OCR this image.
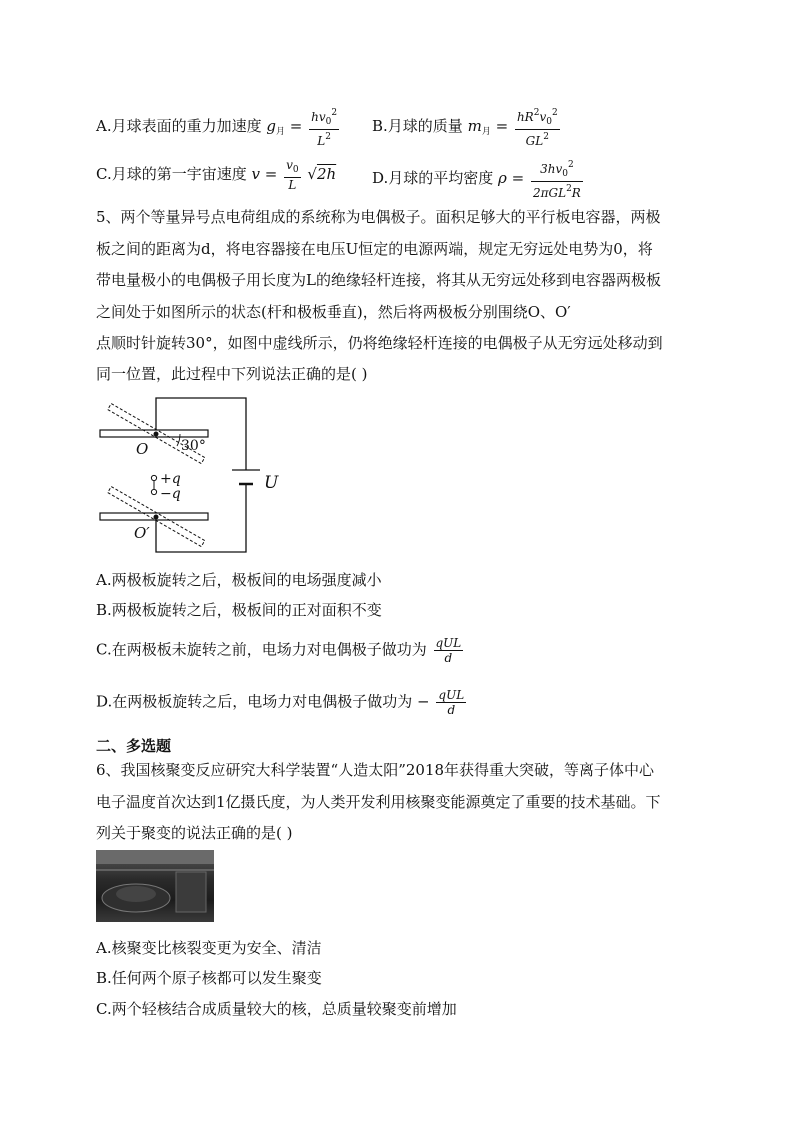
A.月球表面的重力加速度 $g_月 = \frac{hv_0^2}{L^2} B$.月球的质量 $m_月 = \frac{hR^2v_0^2}{GL^2}$
C.月球的第一宇宙速度 $v = \frac{v_0}{L} √2h$ D.月球的平均密度 $\rho = \frac{3hv_0^2}{2\pi GL^2R}$
5、两个等量异号点电荷组成的系统称为电偶极子。面积足够大的平行板电容器，两极
板之间的距离为d，将电容器接在电压U恒定的电源两端，规定无穷远处电势为0，将
带电量极小的电偶极子用长度为L的绝缘轻杆连接，将其从无穷远处移到电容器两极板
之间处于如图所示的状态(杆和极板垂直)，然后将两极板分别围绕O、O′
点顺时针旋转30°，如图中虚线所示，仍将绝缘轻杆连接的电偶极子从无穷远处移动到
同一位置，此过程中下列说法正确的是( )
O 30°
+q
−q
O′
U
A.两极板旋转之后，极板间的电场强度减小
B.两极板旋转之后，极板间的正对面积不变
C.在两极板未旋转之前，电场力对电偶极子做功为 $\frac{\text{qUL}}{d}$
D.在两极板旋转之后，电场力对电偶极子做功为 − $\frac{\text{qUL}}{d}$
二、多选题
6、我国核聚变反应研究大科学装置“人造太阳”2018年获得重大突破，等离子体中心
电子温度首次达到1亿摄氏度，为人类开发利用核聚变能源奠定了重要的技术基础。下
列关于聚变的说法正确的是( )
A.核聚变比核裂变更为安全、清洁
B.任何两个原子核都可以发生聚变
C.两个轻核结合成质量较大的核，总质量较聚变前增加
